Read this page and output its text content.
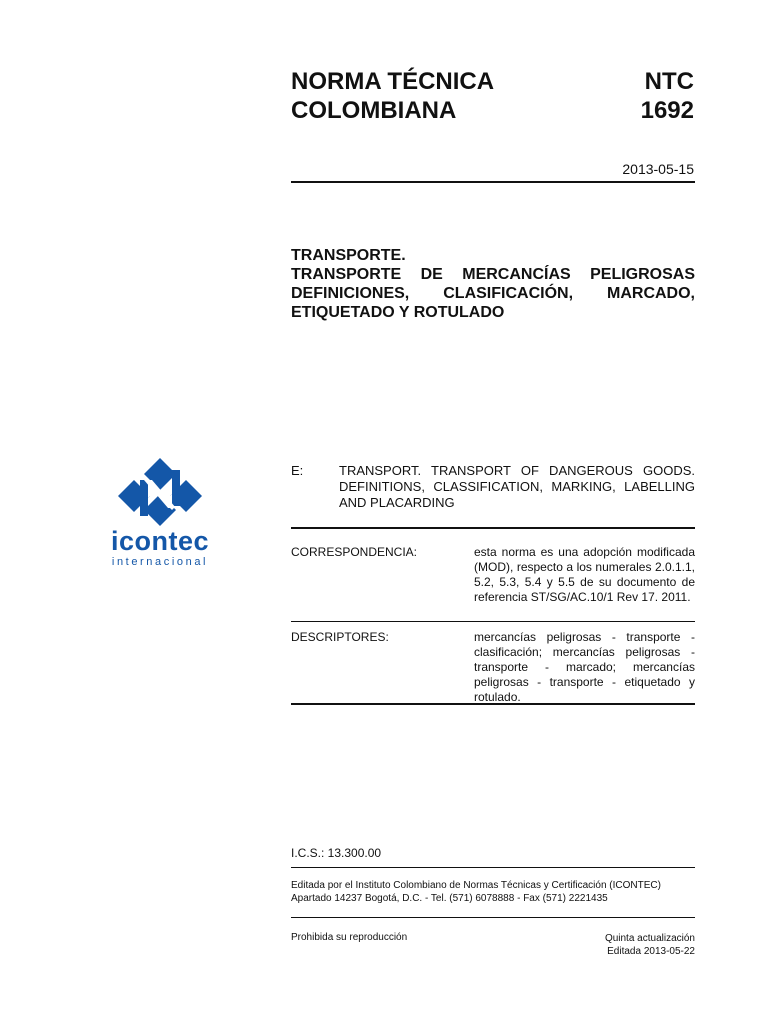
NORMA TÉCNICA
COLOMBIANA
NTC
1692
2013-05-15
TRANSPORTE.
TRANSPORTE DE MERCANCÍAS PELIGROSAS
DEFINICIONES, CLASIFICACIÓN, MARCADO,
ETIQUETADO Y ROTULADO
icontec
internacional
E:	TRANSPORT. TRANSPORT OF DANGEROUS GOODS. DEFINITIONS, CLASSIFICATION, MARKING, LABELLING AND PLACARDING
CORRESPONDENCIA:	esta norma es una adopción modificada (MOD), respecto a los numerales 2.0.1.1, 5.2, 5.3, 5.4 y 5.5 de su documento de referencia ST/SG/AC.10/1 Rev 17. 2011.
DESCRIPTORES:	mercancías peligrosas - transporte - clasificación; mercancías peligrosas - transporte - marcado; mercancías peligrosas - transporte - etiquetado y rotulado.
I.C.S.: 13.300.00
Editada por el Instituto Colombiano de Normas Técnicas y Certificación (ICONTEC)
Apartado 14237 Bogotá, D.C. - Tel. (571) 6078888 - Fax (571) 2221435
Prohibida su reproducción	Quinta actualización
Editada 2013-05-22
